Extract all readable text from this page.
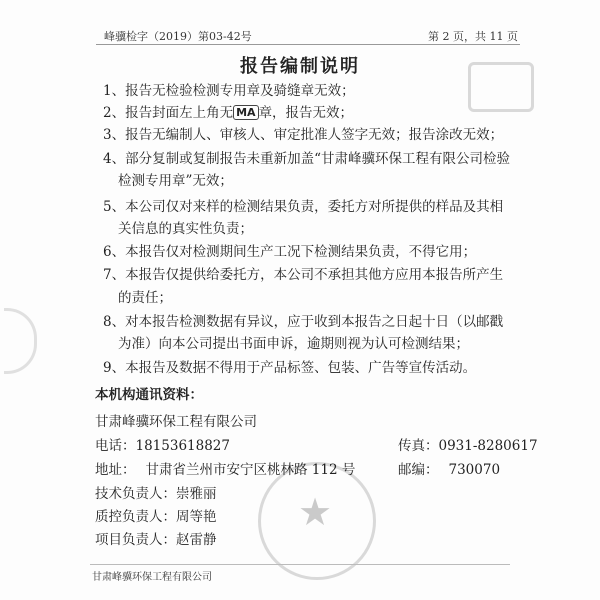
★
峰骥检字（2019）第03-42号	第 2 页，共 11 页
报告编制说明
1、报告无检验检测专用章及骑缝章无效；
2、报告封面左上角无 MA 章，报告无效；
3、报告无编制人、审核人、审定批准人签字无效；报告涂改无效；
4、部分复制或复制报告未重新加盖“甘肃峰骥环保工程有限公司检验
检测专用章”无效；
5、本公司仅对来样的检测结果负责，委托方对所提供的样品及其相
关信息的真实性负责；
6、本报告仅对检测期间生产工况下检测结果负责，不得它用；
7、本报告仅提供给委托方，本公司不承担其他方应用本报告所产生
的责任；
8、对本报告检测数据有异议，应于收到本报告之日起十日（以邮戳
为准）向本公司提出书面申诉，逾期则视为认可检测结果；
9、本报告及数据不得用于产品标签、包装、广告等宣传活动。
本机构通讯资料：
甘肃峰骥环保工程有限公司
电话：18153618827	传真：0931-8280617
地址： 甘肃省兰州市安宁区桃林路 112 号	邮编： 730070
技术负责人：崇雅丽
质控负责人：周等艳
项目负责人：赵雷静
甘肃峰骥环保工程有限公司
